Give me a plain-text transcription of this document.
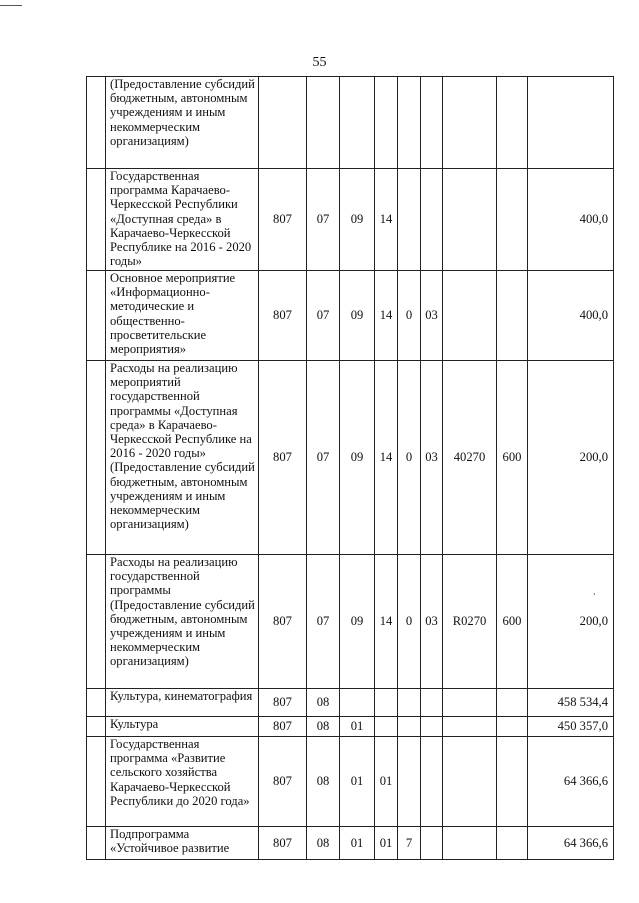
55
	(Предоставление субсидий бюджетным, автономным учреждениям и иным некоммерческим организациям)									
	Государственная программа Карачаево-Черкесской Республики «Доступная среда» в Карачаево-Черкесской Республике на 2016 - 2020 годы»	807	07	09	14					400,0
	Основное мероприятие «Информационно-методические и общественно-просветительские мероприятия»	807	07	09	14	0	03			400,0
	Расходы на реализацию мероприятий государственной программы «Доступная среда» в Карачаево-Черкесской Республике на 2016 - 2020 годы» (Предоставление субсидий бюджетным, автономным учреждениям и иным некоммерческим организациям)	807	07	09	14	0	03	40270	600	200,0
	Расходы на реализацию государственной программы (Предоставление субсидий бюджетным, автономным учреждениям и иным некоммерческим организациям)	807	07	09	14	0	03	R0270	600	200,0
	Культура, кинематография	807	08							458 534,4
	Культура	807	08	01						450 357,0
	Государственная программа «Развитие сельского хозяйства Карачаево-Черкесской Республики до 2020 года»	807	08	01	01					64 366,6
	Подпрограмма «Устойчивое развитие	807	08	01	01	7				64 366,6
,
